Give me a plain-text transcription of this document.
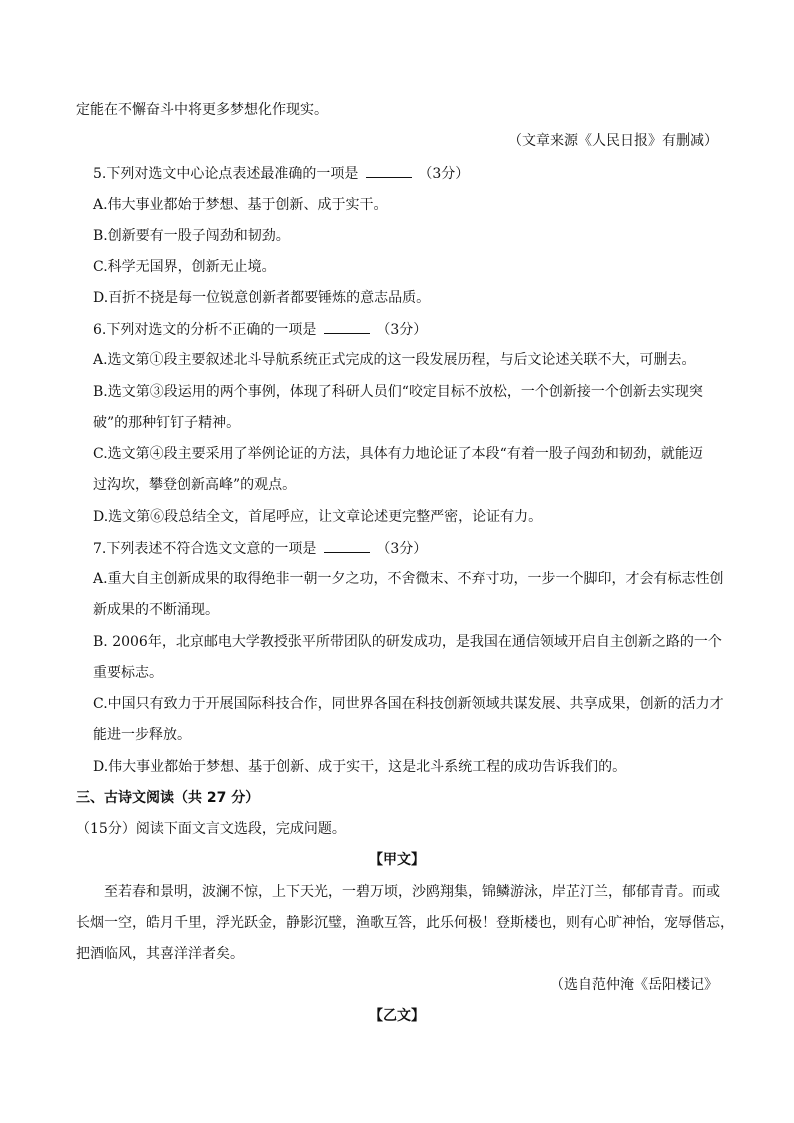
定能在不懈奋斗中将更多梦想化作现实。
（文章来源《人民日报》有删减）
5.下列对选文中心论点表述最准确的一项是	（3分）
A.伟大事业都始于梦想、基于创新、成于实干。
B.创新要有一股子闯劲和韧劲。
C.科学无国界，创新无止境。
D.百折不挠是每一位锐意创新者都要锤炼的意志品质。
6.下列对选文的分析不正确的一项是	（3分）
A.选文第①段主要叙述北斗导航系统正式完成的这一段发展历程，与后文论述关联不大，可删去。
B.选文第③段运用的两个事例，体现了科研人员们“咬定目标不放松，一个创新接一个创新去实现突
破”的那种钉钉子精神。
C.选文第④段主要采用了举例论证的方法，具体有力地论证了本段“有着一股子闯劲和韧劲，就能迈
过沟坎，攀登创新高峰”的观点。
D.选文第⑥段总结全文，首尾呼应，让文章论述更完整严密，论证有力。
7.下列表述不符合选文文意的一项是	（3分）
A.重大自主创新成果的取得绝非一朝一夕之功，不舍微末、不弃寸功，一步一个脚印，才会有标志性创
新成果的不断涌现。
B. 2006年，北京邮电大学教授张平所带团队的研发成功，是我国在通信领域开启自主创新之路的一个
重要标志。
C.中国只有致力于开展国际科技合作，同世界各国在科技创新领域共谋发展、共享成果，创新的活力才
能进一步释放。
D.伟大事业都始于梦想、基于创新、成于实干，这是北斗系统工程的成功告诉我们的。
三、古诗文阅读（共 27 分）
（15分）阅读下面文言文选段，完成问题。
【甲文】
至若春和景明，波澜不惊，上下天光，一碧万顷，沙鸥翔集，锦鳞游泳，岸芷汀兰，郁郁青青。而或
长烟一空，皓月千里，浮光跃金，静影沉璧，渔歌互答，此乐何极！登斯楼也，则有心旷神怡，宠辱偕忘，
把酒临风，其喜洋洋者矣。
（选自范仲淹《岳阳楼记》
【乙文】
